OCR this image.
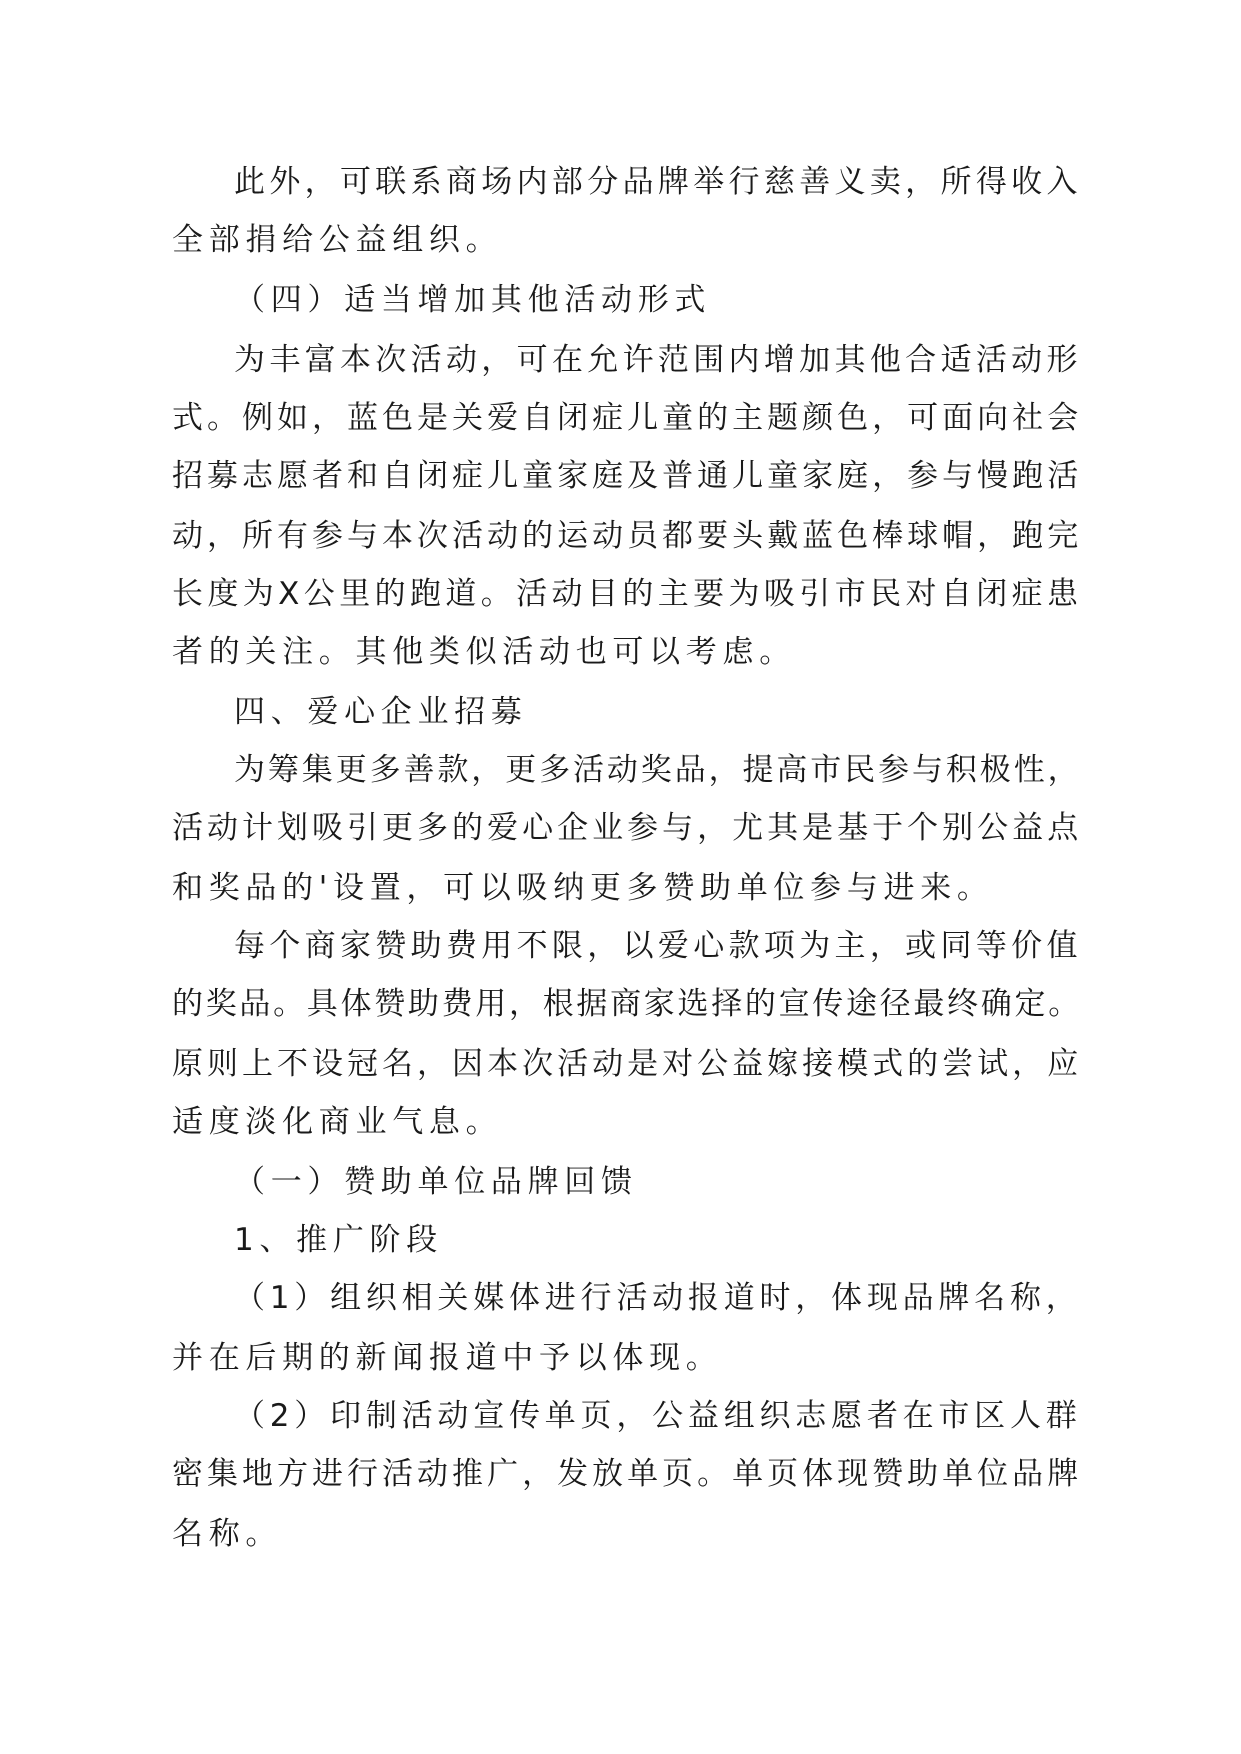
此外，可联系商场内部分品牌举行慈善义卖，所得收入
全部捐给公益组织。
（四）适当增加其他活动形式
为丰富本次活动，可在允许范围内增加其他合适活动形
式。例如，蓝色是关爱自闭症儿童的主题颜色，可面向社会
招募志愿者和自闭症儿童家庭及普通儿童家庭，参与慢跑活
动，所有参与本次活动的运动员都要头戴蓝色棒球帽，跑完
长度为X公里的跑道。活动目的主要为吸引市民对自闭症患
者的关注。其他类似活动也可以考虑。
四、爱心企业招募
为筹集更多善款，更多活动奖品，提高市民参与积极性，
活动计划吸引更多的爱心企业参与，尤其是基于个别公益点
和奖品的'设置，可以吸纳更多赞助单位参与进来。
每个商家赞助费用不限，以爱心款项为主，或同等价值
的奖品。具体赞助费用，根据商家选择的宣传途径最终确定。
原则上不设冠名，因本次活动是对公益嫁接模式的尝试，应
适度淡化商业气息。
（一）赞助单位品牌回馈
1、推广阶段
（1）组织相关媒体进行活动报道时，体现品牌名称，
并在后期的新闻报道中予以体现。
（2）印制活动宣传单页，公益组织志愿者在市区人群
密集地方进行活动推广，发放单页。单页体现赞助单位品牌
名称。
